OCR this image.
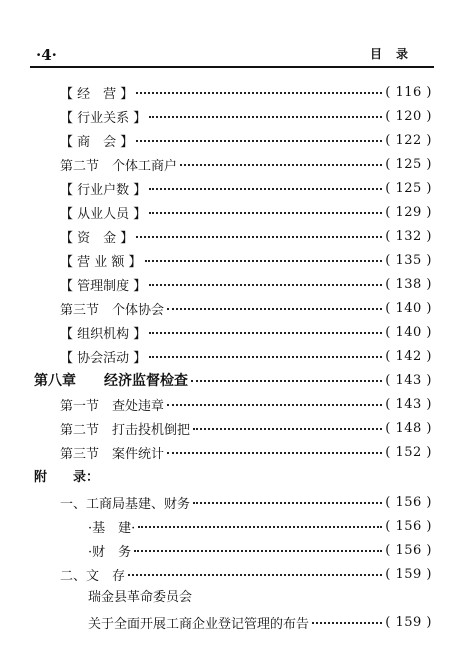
·4·	目录
【 经　营 】	( 116 )
【 行业关系 】	( 120 )
【 商　会 】	( 122 )
第二节　个体工商户	( 125 )
【 行业户数 】	( 125 )
【 从业人员 】	( 129 )
【 资　金 】	( 132 )
【 营 业 额 】	( 135 )
【 管理制度 】	( 138 )
第三节　个体协会	( 140 )
【 组织机构 】	( 140 )
【 协会活动 】	( 142 )
第八章　　经济监督检查	( 143 )
第一节　查处违章	( 143 )
第二节　打击投机倒把	( 148 )
第三节　案件统计	( 152 )
附　　录：
一、工商局基建、财务	( 156 )
·基　建·	( 156 )
·财　务	( 156 )
二、文　存	( 159 )
瑞金县革命委员会
关于全面开展工商企业登记管理的布告	( 159 )
